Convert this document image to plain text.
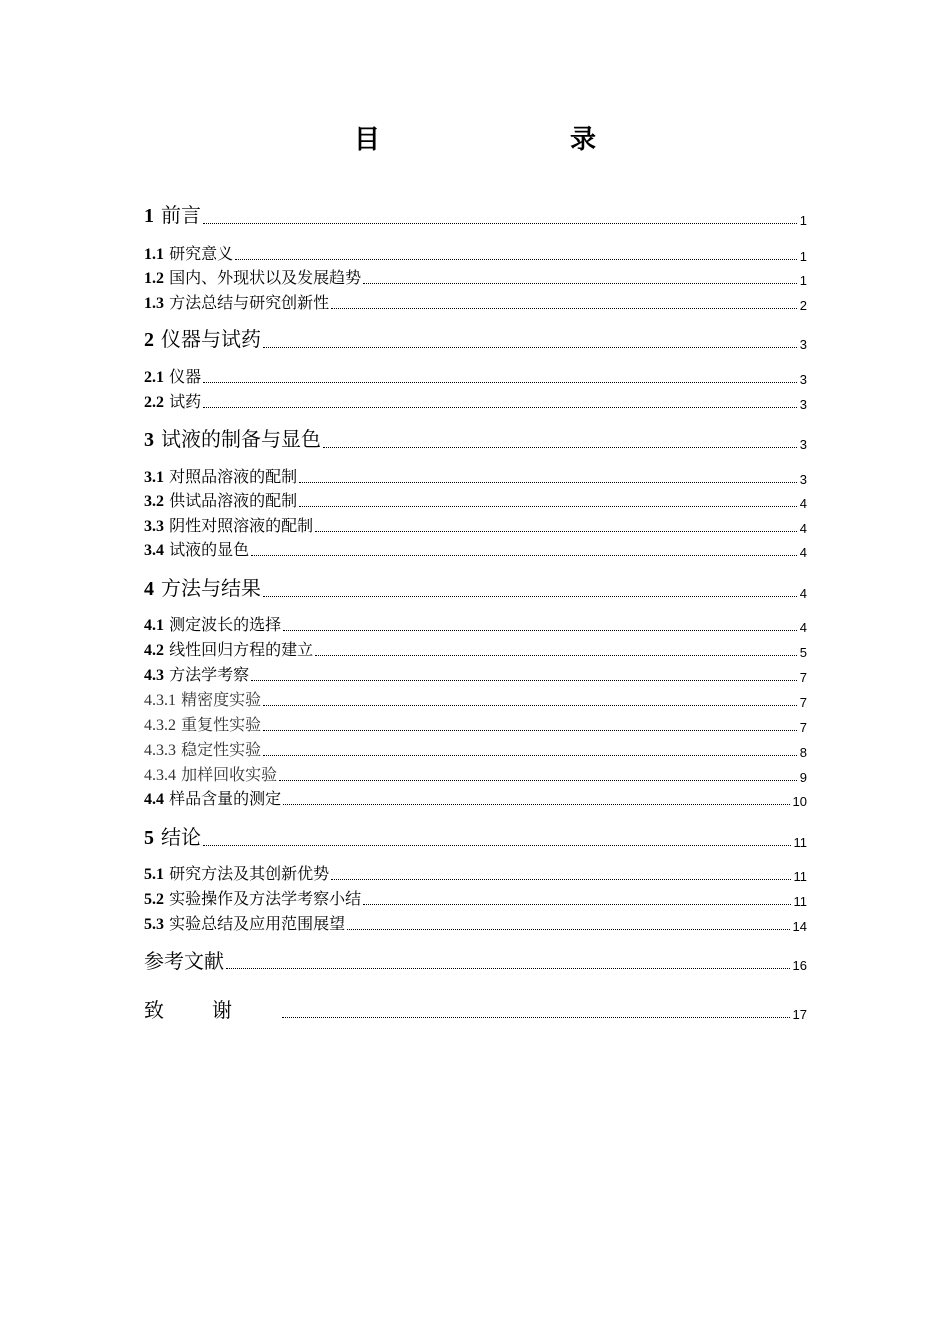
目　　录
1 前言	1
1.1 研究意义	1
1.2 国内、外现状以及发展趋势	1
1.3 方法总结与研究创新性	2
2 仪器与试药	3
2.1 仪器	3
2.2 试药	3
3 试液的制备与显色	3
3.1 对照品溶液的配制	3
3.2 供试品溶液的配制	4
3.3 阴性对照溶液的配制	4
3.4 试液的显色	4
4 方法与结果	4
4.1 测定波长的选择	4
4.2 线性回归方程的建立	5
4.3 方法学考察	7
4.3.1 精密度实验	7
4.3.2 重复性实验	7
4.3.3 稳定性实验	8
4.3.4 加样回收实验	9
4.4 样品含量的测定	10
5 结论	11
5.1 研究方法及其创新优势	11
5.2 实验操作及方法学考察小结	11
5.3 实验总结及应用范围展望	14
参考文献	16
致谢	17
